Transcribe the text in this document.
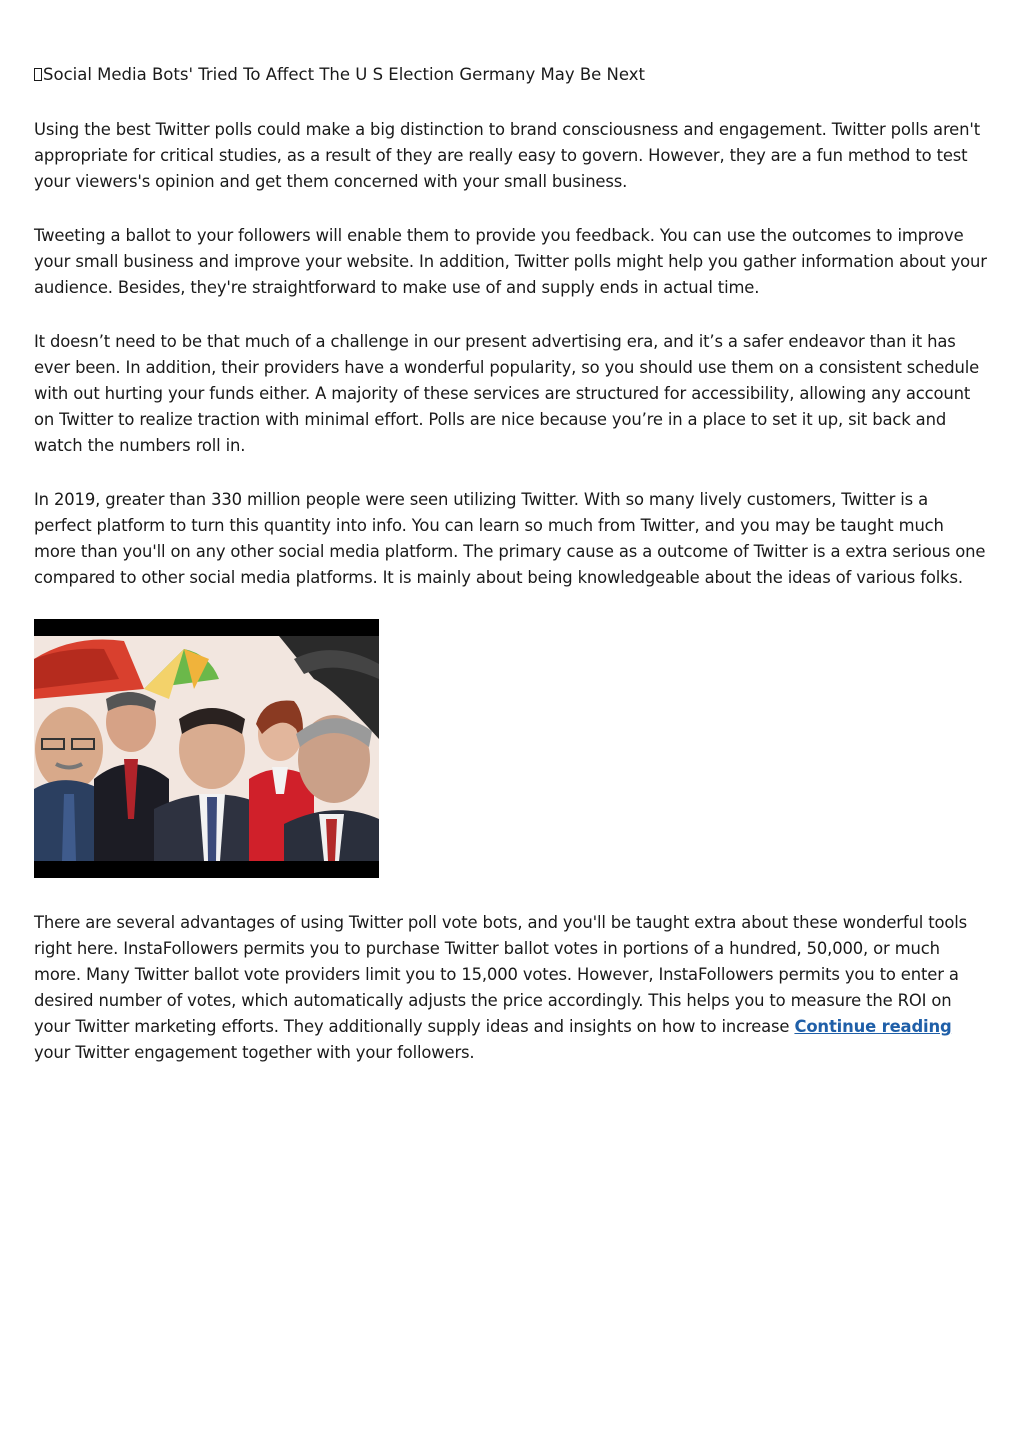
Social Media Bots' Tried To Affect The U S Election Germany May Be Next

Using the best Twitter polls could make a big distinction to brand consciousness and engagement. Twitter polls aren't appropriate for critical studies, as a result of they are really easy to govern. However, they are a fun method to test your viewers's opinion and get them concerned with your small business.

Tweeting a ballot to your followers will enable them to provide you feedback. You can use the outcomes to improve your small business and improve your website. In addition, Twitter polls might help you gather information about your audience. Besides, they're straightforward to make use of and supply ends in actual time.

It doesn’t need to be that much of a challenge in our present advertising era, and it’s a safer endeavor than it has ever been. In addition, their providers have a wonderful popularity, so you should use them on a consistent schedule with out hurting your funds either. A majority of these services are structured for accessibility, allowing any account on Twitter to realize traction with minimal effort. Polls are nice because you’re in a place to set it up, sit back and watch the numbers roll in.

In 2019, greater than 330 million people were seen utilizing Twitter. With so many lively customers, Twitter is a perfect platform to turn this quantity into info. You can learn so much from Twitter, and you may be taught much more than you'll on any other social media platform. The primary cause as a outcome of Twitter is a extra serious one compared to other social media platforms. It is mainly about being knowledgeable about the ideas of various folks.

There are several advantages of using Twitter poll vote bots, and you'll be taught extra about these wonderful tools right here. InstaFollowers permits you to purchase Twitter ballot votes in portions of a hundred, 50,000, or much more. Many Twitter ballot vote providers limit you to 15,000 votes. However, InstaFollowers permits you to enter a desired number of votes, which automatically adjusts the price accordingly. This helps you to measure the ROI on your Twitter marketing efforts. They additionally supply ideas and insights on how to increase Continue reading your Twitter engagement together with your followers.
